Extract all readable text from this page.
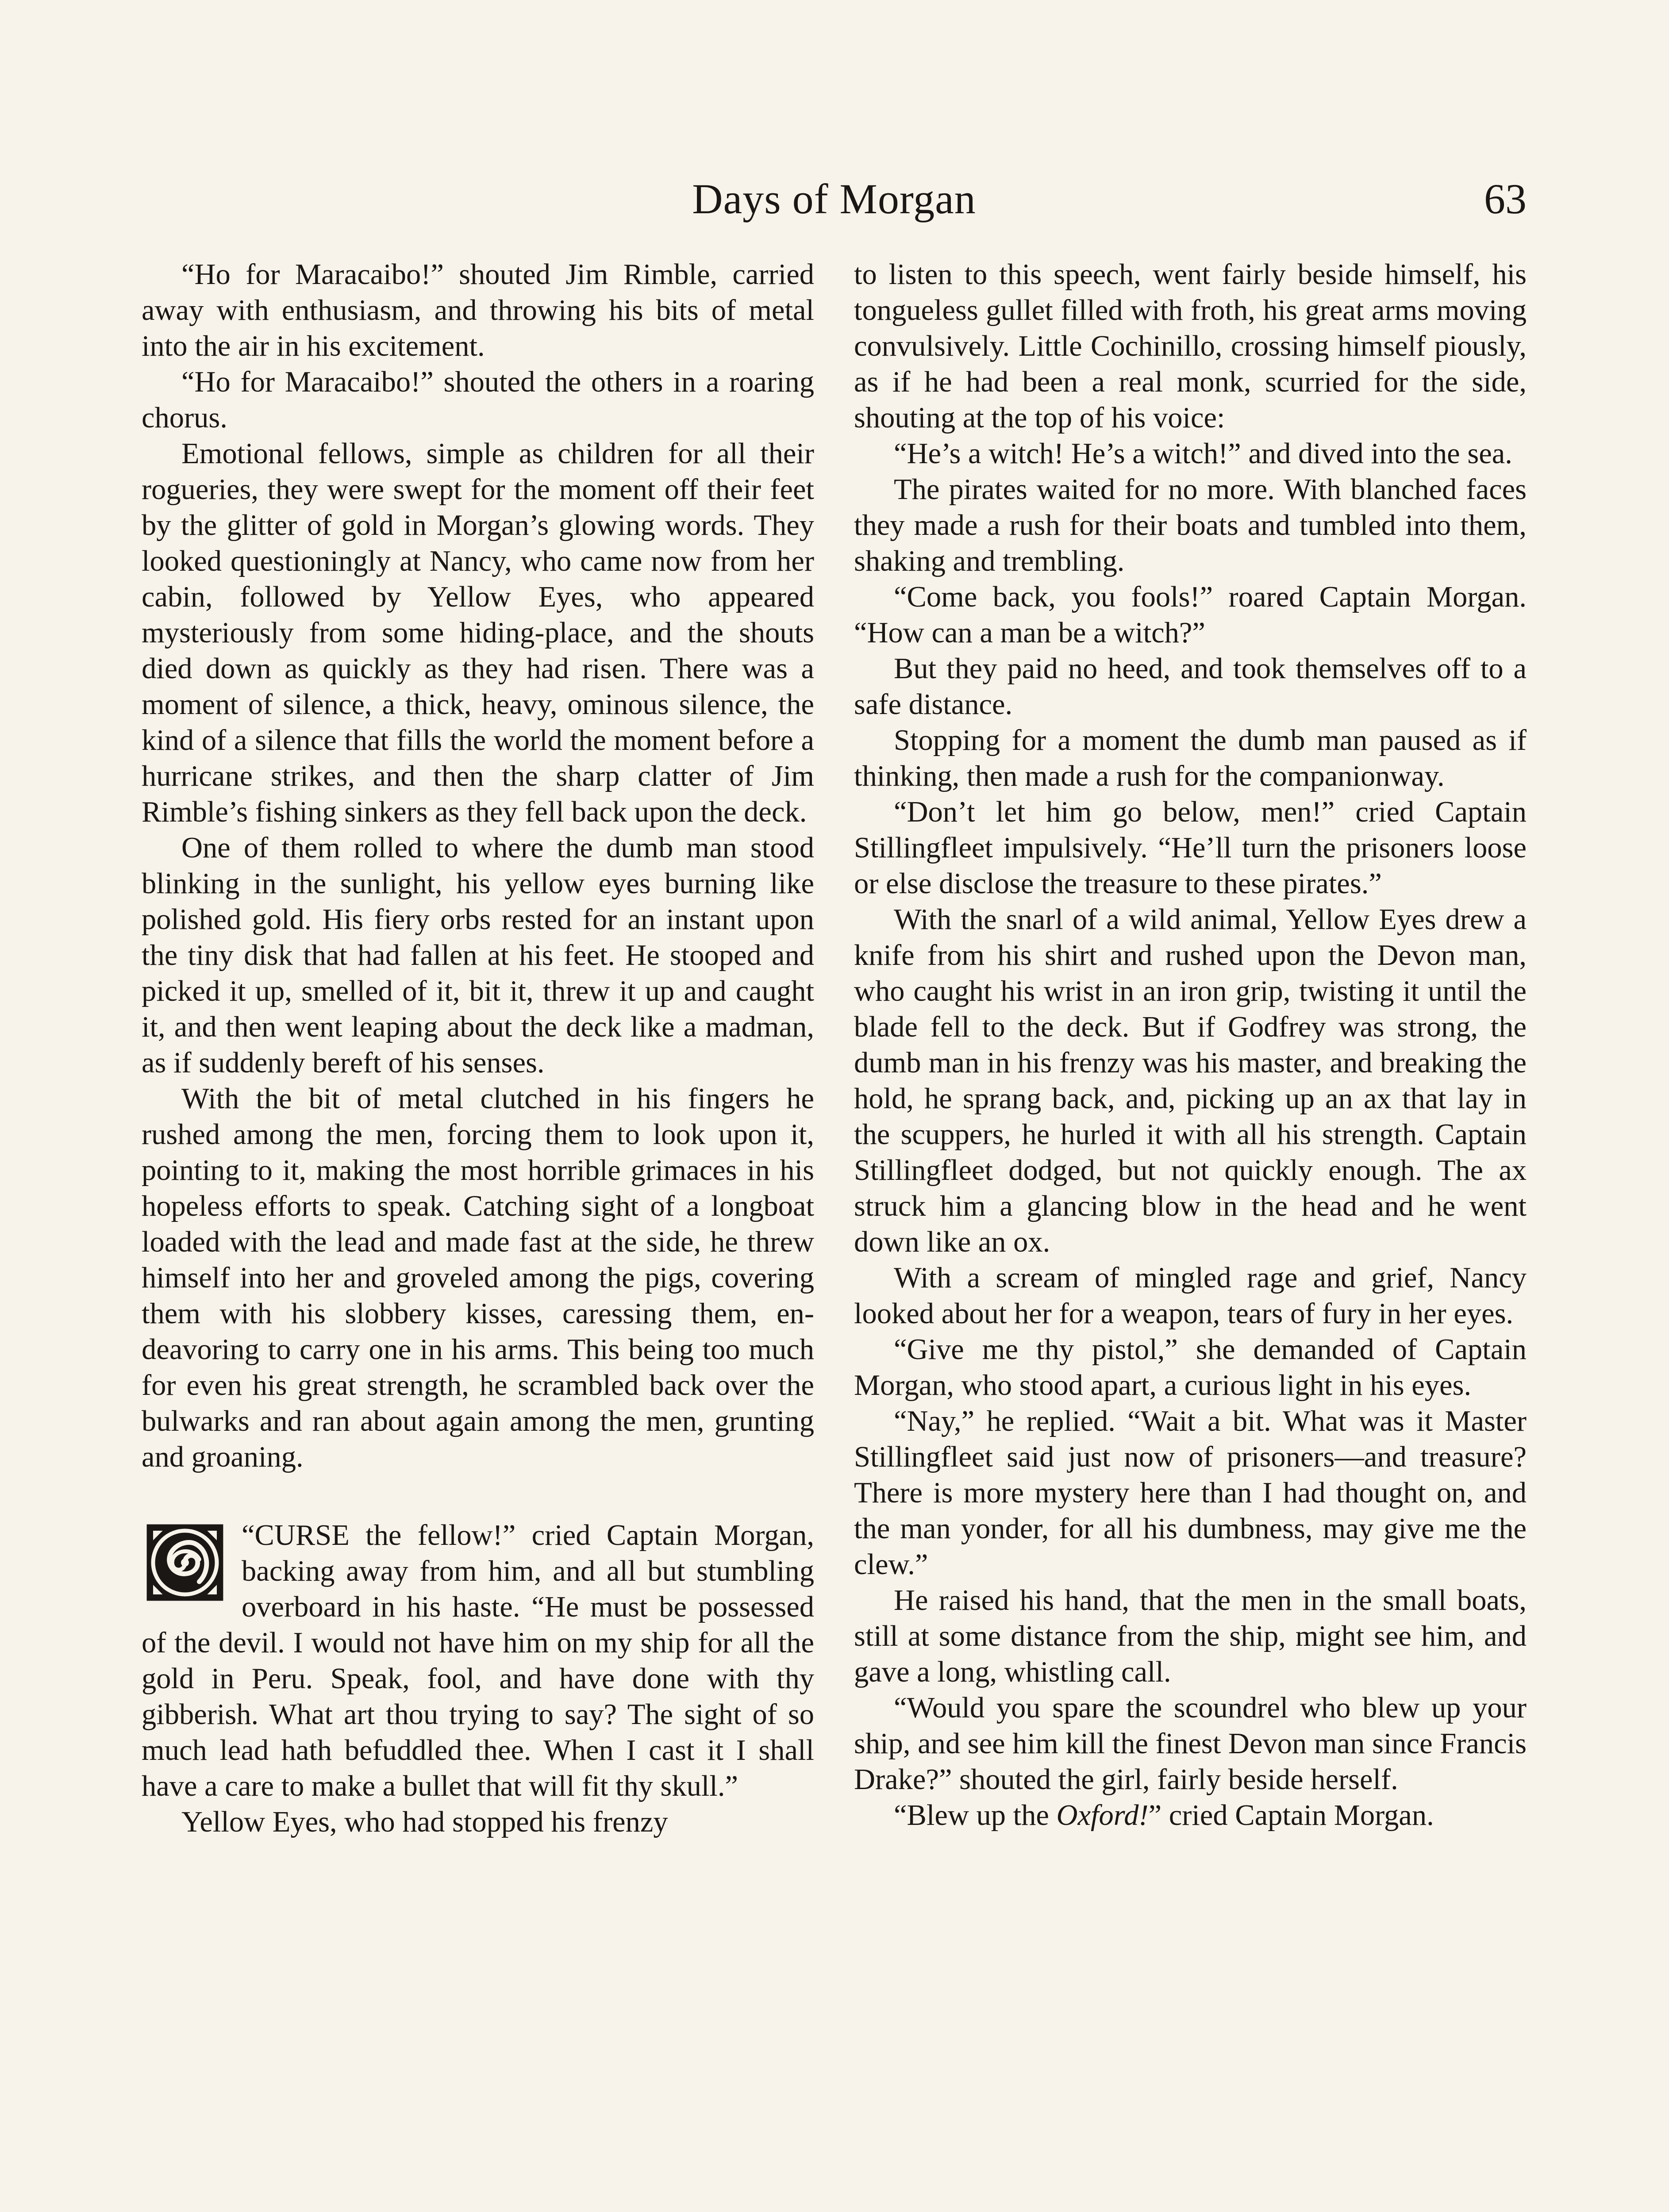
Days of Morgan	63

“Ho for Maracaibo!” shouted Jim Rimble, carried away with enthusiasm, and throwing his bits of metal into the air in his excitement.

“Ho for Maracaibo!” shouted the others in a roaring chorus.

Emotional fellows, simple as children for all their rogueries, they were swept for the moment off their feet by the glitter of gold in Morgan’s glowing words. They looked questioningly at Nancy, who came now from her cabin, followed by Yellow Eyes, who appeared mysteriously from some hiding-place, and the shouts died down as quickly as they had risen. There was a moment of silence, a thick, heavy, ominous silence, the kind of a silence that fills the world the moment before a hurricane strikes, and then the sharp clatter of Jim Rimble’s fishing sinkers as they fell back upon the deck.

One of them rolled to where the dumb man stood blinking in the sunlight, his yellow eyes burning like polished gold. His fiery orbs rested for an instant upon the tiny disk that had fallen at his feet. He stooped and picked it up, smelled of it, bit it, threw it up and caught it, and then went leaping about the deck like a madman, as if suddenly bereft of his senses.

With the bit of metal clutched in his fingers he rushed among the men, forcing them to look upon it, pointing to it, making the most horrible grimaces in his hopeless efforts to speak. Catching sight of a longboat loaded with the lead and made fast at the side, he threw himself into her and groveled among the pigs, covering them with his slobbery kisses, caressing them, endeavoring to carry one in his arms. This being too much for even his great strength, he scrambled back over the bulwarks and ran about again among the men, grunting and groaning.

“CURSE the fellow!” cried Captain Morgan, backing away from him, and all but stumbling overboard in his haste. “He must be possessed of the devil. I would not have him on my ship for all the gold in Peru. Speak, fool, and have done with thy gibberish. What art thou trying to say? The sight of so much lead hath befuddled thee. When I cast it I shall have a care to make a bullet that will fit thy skull.”

Yellow Eyes, who had stopped his frenzy

to listen to this speech, went fairly beside himself, his tongueless gullet filled with froth, his great arms moving convulsively. Little Cochinillo, crossing himself piously, as if he had been a real monk, scurried for the side, shouting at the top of his voice:

“He’s a witch! He’s a witch!” and dived into the sea.

The pirates waited for no more. With blanched faces they made a rush for their boats and tumbled into them, shaking and trembling.

“Come back, you fools!” roared Captain Morgan. “How can a man be a witch?”

But they paid no heed, and took themselves off to a safe distance.

Stopping for a moment the dumb man paused as if thinking, then made a rush for the companionway.

“Don’t let him go below, men!” cried Captain Stillingfleet impulsively. “He’ll turn the prisoners loose or else disclose the treasure to these pirates.”

With the snarl of a wild animal, Yellow Eyes drew a knife from his shirt and rushed upon the Devon man, who caught his wrist in an iron grip, twisting it until the blade fell to the deck. But if Godfrey was strong, the dumb man in his frenzy was his master, and breaking the hold, he sprang back, and, picking up an ax that lay in the scuppers, he hurled it with all his strength. Captain Stillingfleet dodged, but not quickly enough. The ax struck him a glancing blow in the head and he went down like an ox.

With a scream of mingled rage and grief, Nancy looked about her for a weapon, tears of fury in her eyes.

“Give me thy pistol,” she demanded of Captain Morgan, who stood apart, a curious light in his eyes.

“Nay,” he replied. “Wait a bit. What was it Master Stillingfleet said just now of prisoners—and treasure? There is more mystery here than I had thought on, and the man yonder, for all his dumbness, may give me the clew.”

He raised his hand, that the men in the small boats, still at some distance from the ship, might see him, and gave a long, whistling call.

“Would you spare the scoundrel who blew up your ship, and see him kill the finest Devon man since Francis Drake?” shouted the girl, fairly beside herself.

“Blew up the Oxford!” cried Captain Morgan.
